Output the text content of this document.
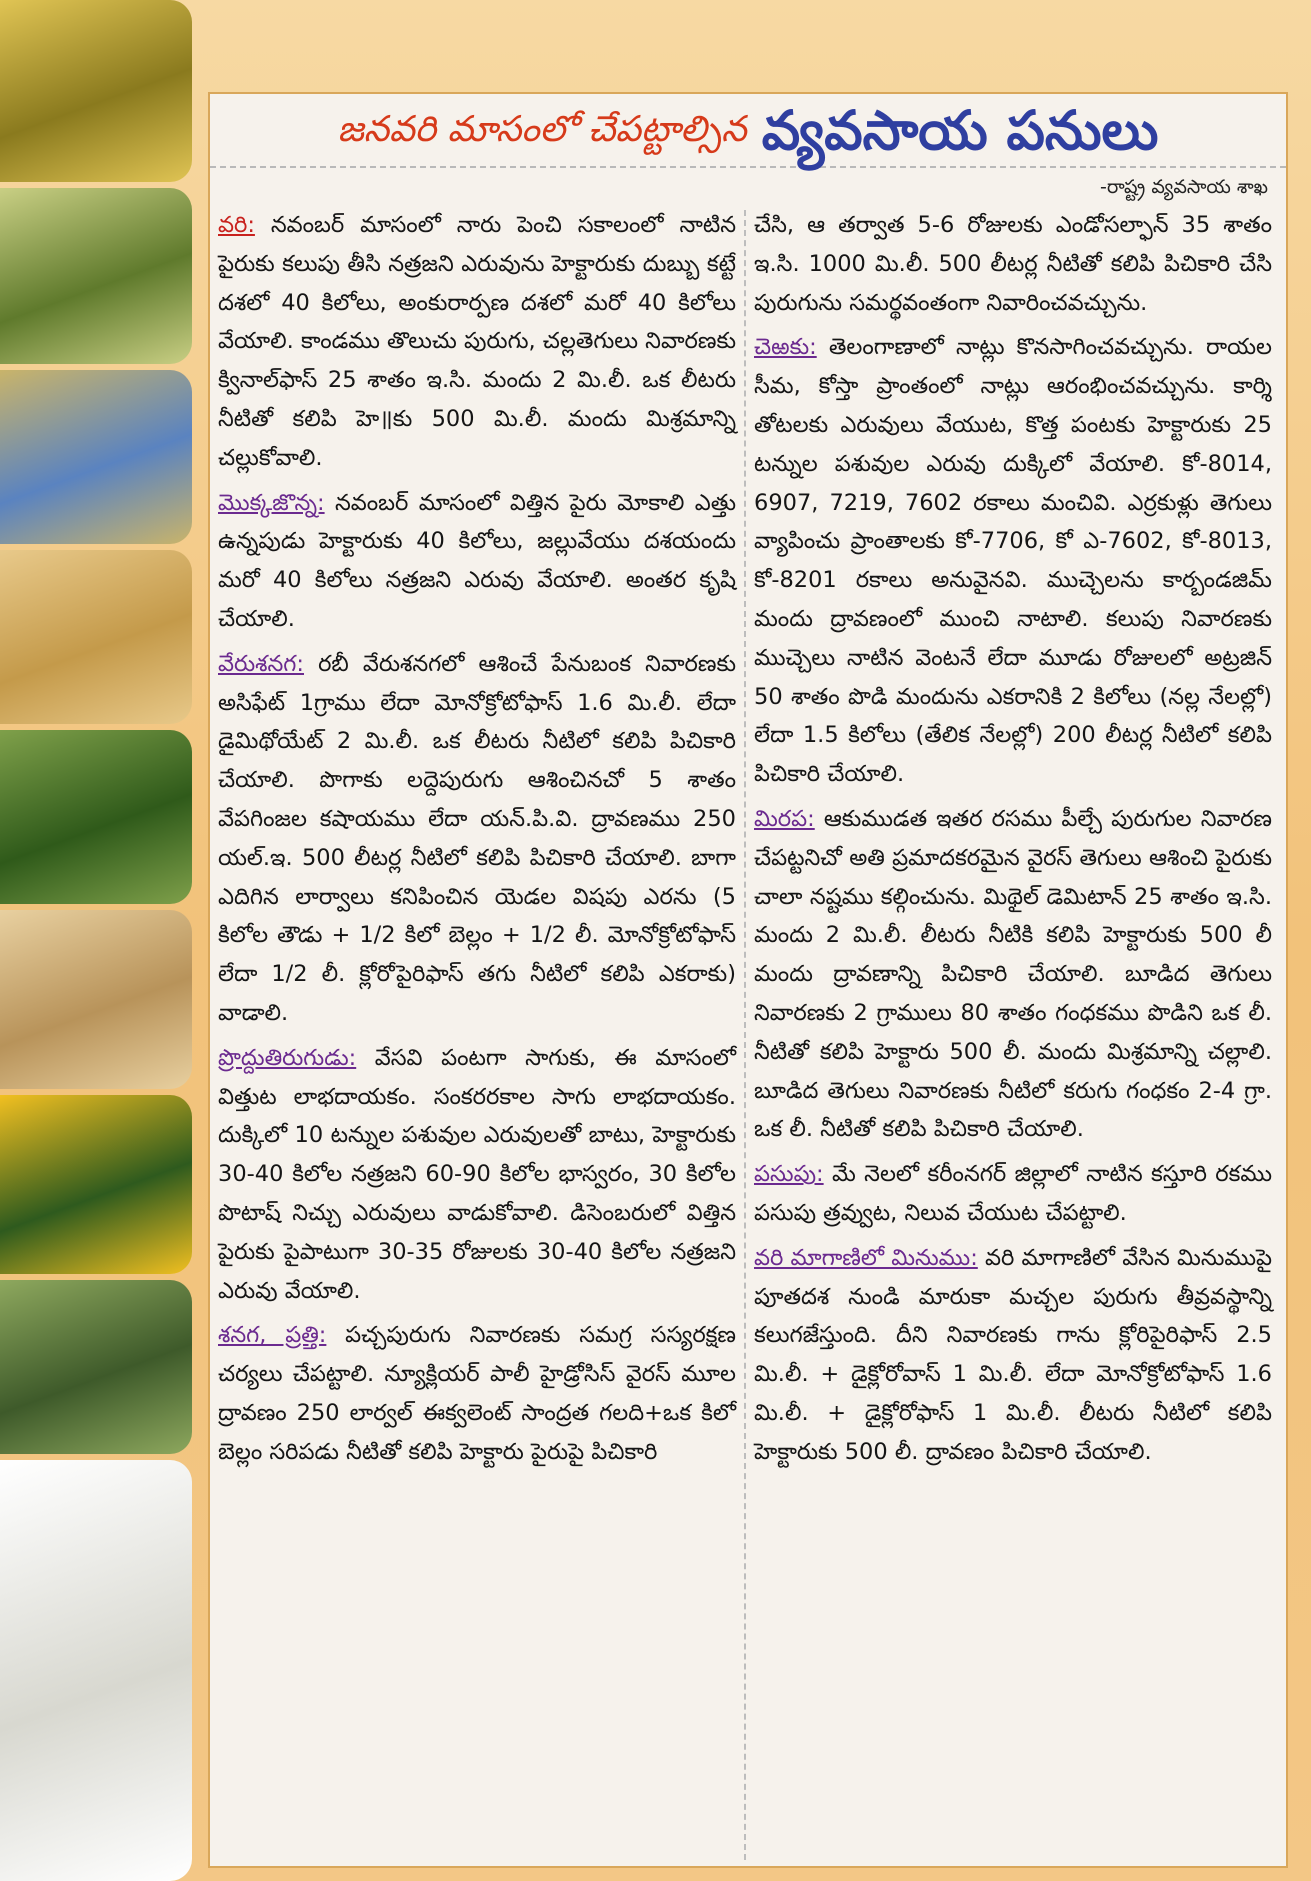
జనవరి మాసంలో చేపట్టాల్సిన వ్యవసాయ పనులు
-రాష్ట్ర వ్యవసాయ శాఖ

వరి: నవంబర్ మాసంలో నారు పెంచి సకాలంలో నాటిన పైరుకు కలుపు తీసి నత్రజని ఎరువును హెక్టారుకు దుబ్బు కట్టే దశలో 40 కిలోలు, అంకురార్పణ దశలో మరో 40 కిలోలు వేయాలి. కాండము తొలుచు పురుగు, చల్లతెగులు నివారణకు క్వినాల్‌ఫాస్ 25 శాతం ఇ.సి. మందు 2 మి.లీ. ఒక లీటరు నీటితో కలిపి హె॥కు 500 మి.లీ. మందు మిశ్రమాన్ని చల్లుకోవాలి.

మొక్కజొన్న: నవంబర్ మాసంలో విత్తిన పైరు మోకాలి ఎత్తు ఉన్నపుడు హెక్టారుకు 40 కిలోలు, జల్లువేయు దశయందు మరో 40 కిలోలు నత్రజని ఎరువు వేయాలి. అంతర కృషి చేయాలి.

వేరుశనగ: రబీ వేరుశనగలో ఆశించే పేనుబంక నివారణకు అసిఫేట్ 1గ్రాము లేదా మోనోక్రోటోఫాస్ 1.6 మి.లీ. లేదా డైమిథోయేట్ 2 మి.లీ. ఒక లీటరు నీటిలో కలిపి పిచికారి చేయాలి. పొగాకు లద్దెపురుగు ఆశించినచో 5 శాతం వేపగింజల కషాయము లేదా యన్.పి.వి. ద్రావణము 250 యల్.ఇ. 500 లీటర్ల నీటిలో కలిపి పిచికారి చేయాలి. బాగా ఎదిగిన లార్వాలు కనిపించిన యెడల విషపు ఎరను (5 కిలోల తౌడు + 1/2 కిలో బెల్లం + 1/2 లీ. మోనోక్రోటోఫాస్ లేదా 1/2 లీ. క్లోరోపైరిఫాస్ తగు నీటిలో కలిపి ఎకరాకు) వాడాలి.

ప్రొద్దుతిరుగుడు: వేసవి పంటగా సాగుకు, ఈ మాసంలో విత్తుట లాభదాయకం. సంకరరకాల సాగు లాభదాయకం. దుక్కిలో 10 టన్నుల పశువుల ఎరువులతో బాటు, హెక్టారుకు 30-40 కిలోల నత్రజని 60-90 కిలోల భాస్వరం, 30 కిలోల పొటాష్ నిచ్చు ఎరువులు వాడుకోవాలి. డిసెంబరులో విత్తిన పైరుకు పైపాటుగా 30-35 రోజులకు 30-40 కిలోల నత్రజని ఎరువు వేయాలి.

శనగ, ప్రత్తి: పచ్చపురుగు నివారణకు సమగ్ర సస్యరక్షణ చర్యలు చేపట్టాలి. న్యూక్లియర్ పాలీ హైడ్రోసిస్ వైరస్ మూల ద్రావణం 250 లార్వల్ ఈక్వలెంట్ సాంద్రత గలది+ఒక కిలో బెల్లం సరిపడు నీటితో కలిపి హెక్టారు పైరుపై పిచికారి

చేసి, ఆ తర్వాత 5-6 రోజులకు ఎండోసల్ఫాన్ 35 శాతం ఇ.సి. 1000 మి.లీ. 500 లీటర్ల నీటితో కలిపి పిచికారి చేసి పురుగును సమర్థవంతంగా నివారించవచ్చును.

చెఱకు: తెలంగాణాలో నాట్లు కొనసాగించవచ్చును. రాయల సీమ, కోస్తా ప్రాంతంలో నాట్లు ఆరంభించవచ్చును. కార్శి తోటలకు ఎరువులు వేయుట, కొత్త పంటకు హెక్టారుకు 25 టన్నుల పశువుల ఎరువు దుక్కిలో వేయాలి. కో-8014, 6907, 7219, 7602 రకాలు మంచివి. ఎర్రకుళ్లు తెగులు వ్యాపించు ప్రాంతాలకు కో-7706, కో ఎ-7602, కో-8013, కో-8201 రకాలు అనువైనవి. ముచ్చెలను కార్బండజిమ్ మందు ద్రావణంలో ముంచి నాటాలి. కలుపు నివారణకు ముచ్చెలు నాటిన వెంటనే లేదా మూడు రోజులలో అట్రజిన్ 50 శాతం పొడి మందును ఎకరానికి 2 కిలోలు (నల్ల నేలల్లో) లేదా 1.5 కిలోలు (తేలిక నేలల్లో) 200 లీటర్ల నీటిలో కలిపి పిచికారి చేయాలి.

మిరప: ఆకుముడత ఇతర రసము పీల్చే పురుగుల నివారణ చేపట్టనిచో అతి ప్రమాదకరమైన వైరస్ తెగులు ఆశించి పైరుకు చాలా నష్టము కల్గించును. మిథైల్ డెమిటాన్ 25 శాతం ఇ.సి. మందు 2 మి.లీ. లీటరు నీటికి కలిపి హెక్టారుకు 500 లీ మందు ద్రావణాన్ని పిచికారి చేయాలి. బూడిద తెగులు నివారణకు 2 గ్రాములు 80 శాతం గంధకము పొడిని ఒక లీ. నీటితో కలిపి హెక్టారు 500 లీ. మందు మిశ్రమాన్ని చల్లాలి. బూడిద తెగులు నివారణకు నీటిలో కరుగు గంధకం 2-4 గ్రా. ఒక లీ. నీటితో కలిపి పిచికారి చేయాలి.

పసుపు: మే నెలలో కరీంనగర్ జిల్లాలో నాటిన కస్తూరి రకము పసుపు త్రవ్వుట, నిలువ చేయుట చేపట్టాలి.

వరి మాగాణిలో మినుము: వరి మాగాణిలో వేసిన మినుముపై పూతదశ నుండి మారుకా మచ్చల పురుగు తీవ్రవస్థాన్ని కలుగజేస్తుంది. దీని నివారణకు గాను క్లోరిపైరిఫాస్ 2.5 మి.లీ. + డైక్లోరోవాస్ 1 మి.లీ. లేదా మోనోక్రోటోఫాస్ 1.6 మి.లీ. + డైక్లోరోఫాస్ 1 మి.లీ. లీటరు నీటిలో కలిపి హెక్టారుకు 500 లీ. ద్రావణం పిచికారి చేయాలి.
